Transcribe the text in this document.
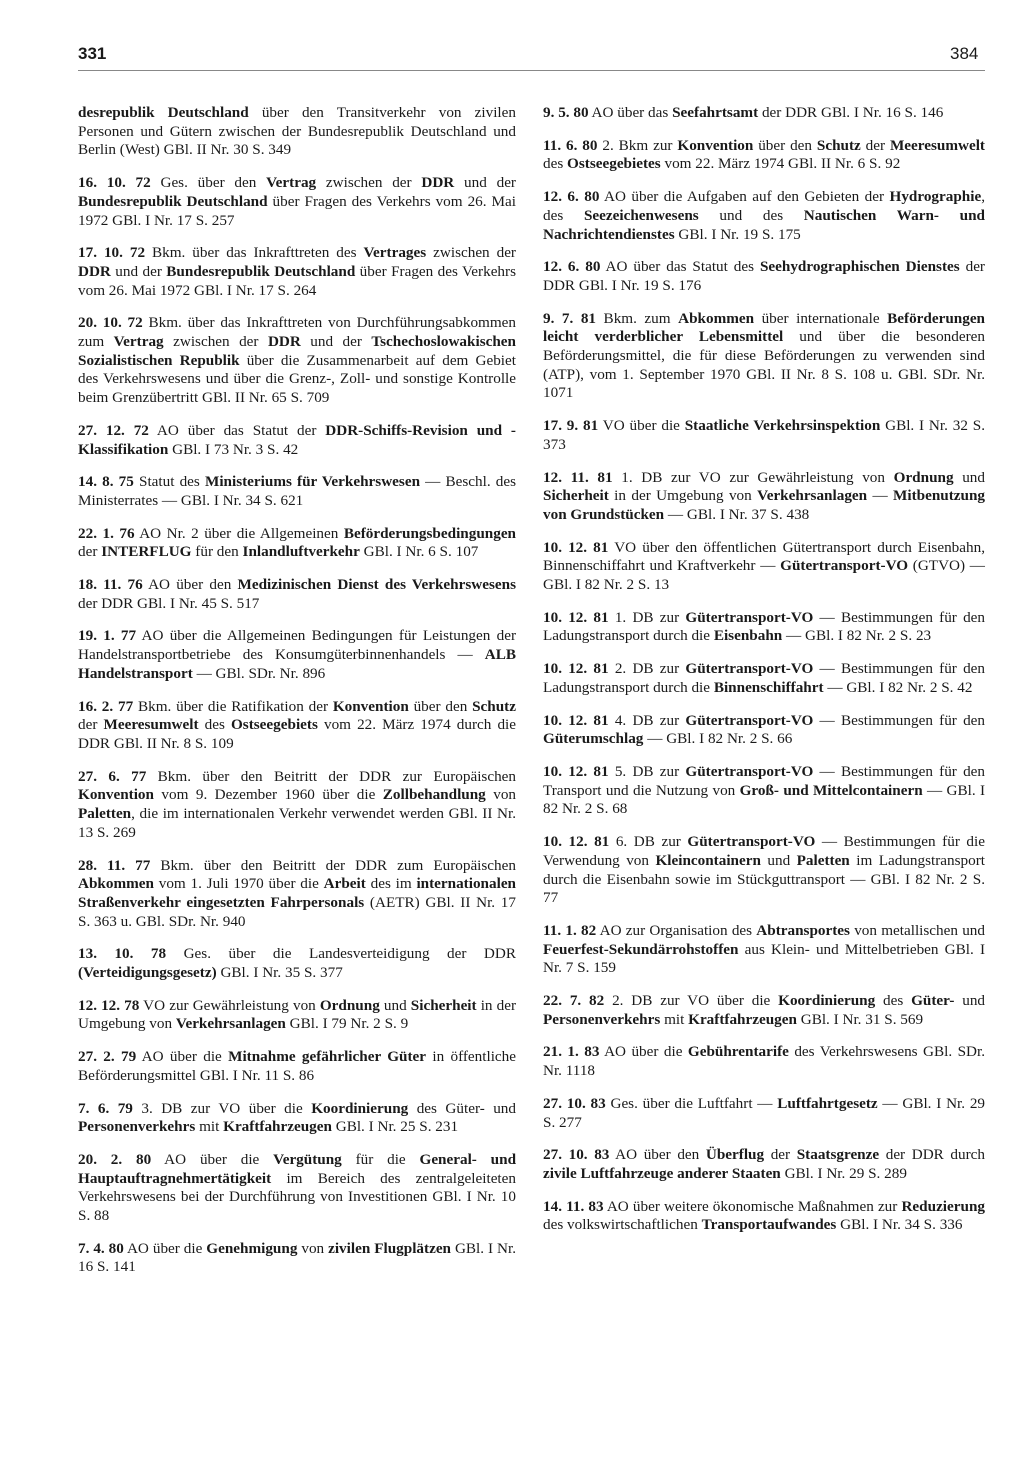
331	384

desrepublik Deutschland über den Transitverkehr von zivilen Personen und Gütern zwischen der Bundesrepublik Deutschland und Berlin (West) GBl. II Nr. 30 S. 349

16. 10. 72 Ges. über den Vertrag zwischen der DDR und der Bundesrepublik Deutschland über Fragen des Verkehrs vom 26. Mai 1972 GBl. I Nr. 17 S. 257

17. 10. 72 Bkm. über das Inkrafttreten des Vertrages zwischen der DDR und der Bundesrepublik Deutschland über Fragen des Verkehrs vom 26. Mai 1972 GBl. I Nr. 17 S. 264

20. 10. 72 Bkm. über das Inkrafttreten von Durchführungsabkommen zum Vertrag zwischen der DDR und der Tschechoslowakischen Sozialistischen Republik über die Zusammenarbeit auf dem Gebiet des Verkehrswesens und über die Grenz-, Zoll- und sonstige Kontrolle beim Grenzübertritt GBl. II Nr. 65 S. 709

27. 12. 72 AO über das Statut der DDR-Schiffs-Revision und -Klassifikation GBl. I 73 Nr. 3 S. 42

14. 8. 75 Statut des Ministeriums für Verkehrswesen — Beschl. des Ministerrates — GBl. I Nr. 34 S. 621

22. 1. 76 AO Nr. 2 über die Allgemeinen Beförderungsbedingungen der INTERFLUG für den Inlandluftverkehr GBl. I Nr. 6 S. 107

18. 11. 76 AO über den Medizinischen Dienst des Verkehrswesens der DDR GBl. I Nr. 45 S. 517

19. 1. 77 AO über die Allgemeinen Bedingungen für Leistungen der Handelstransportbetriebe des Konsumgüterbinnenhandels — ALB Handelstransport — GBl. SDr. Nr. 896

16. 2. 77 Bkm. über die Ratifikation der Konvention über den Schutz der Meeresumwelt des Ostseegebiets vom 22. März 1974 durch die DDR GBl. II Nr. 8 S. 109

27. 6. 77 Bkm. über den Beitritt der DDR zur Europäischen Konvention vom 9. Dezember 1960 über die Zollbehandlung von Paletten, die im internationalen Verkehr verwendet werden GBl. II Nr. 13 S. 269

28. 11. 77 Bkm. über den Beitritt der DDR zum Europäischen Abkommen vom 1. Juli 1970 über die Arbeit des im internationalen Straßenverkehr eingesetzten Fahrpersonals (AETR) GBl. II Nr. 17 S. 363 u. GBl. SDr. Nr. 940

13. 10. 78 Ges. über die Landesverteidigung der DDR (Verteidigungsgesetz) GBl. I Nr. 35 S. 377

12. 12. 78 VO zur Gewährleistung von Ordnung und Sicherheit in der Umgebung von Verkehrsanlagen GBl. I 79 Nr. 2 S. 9

27. 2. 79 AO über die Mitnahme gefährlicher Güter in öffentliche Beförderungsmittel GBl. I Nr. 11 S. 86

7. 6. 79 3. DB zur VO über die Koordinierung des Güter- und Personenverkehrs mit Kraftfahrzeugen GBl. I Nr. 25 S. 231

20. 2. 80 AO über die Vergütung für die General- und Hauptauftragnehmertätigkeit im Bereich des zentralgeleiteten Verkehrswesens bei der Durchführung von Investitionen GBl. I Nr. 10 S. 88

7. 4. 80 AO über die Genehmigung von zivilen Flugplätzen GBl. I Nr. 16 S. 141

9. 5. 80 AO über das Seefahrtsamt der DDR GBl. I Nr. 16 S. 146

11. 6. 80 2. Bkm zur Konvention über den Schutz der Meeresumwelt des Ostseegebietes vom 22. März 1974 GBl. II Nr. 6 S. 92

12. 6. 80 AO über die Aufgaben auf den Gebieten der Hydrographie, des Seezeichenwesens und des Nautischen Warn- und Nachrichtendienstes GBl. I Nr. 19 S. 175

12. 6. 80 AO über das Statut des Seehydrographischen Dienstes der DDR GBl. I Nr. 19 S. 176

9. 7. 81 Bkm. zum Abkommen über internationale Beförderungen leicht verderblicher Lebensmittel und über die besonderen Beförderungsmittel, die für diese Beförderungen zu verwenden sind (ATP), vom 1. September 1970 GBl. II Nr. 8 S. 108 u. GBl. SDr. Nr. 1071

17. 9. 81 VO über die Staatliche Verkehrsinspektion GBl. I Nr. 32 S. 373

12. 11. 81 1. DB zur VO zur Gewährleistung von Ordnung und Sicherheit in der Umgebung von Verkehrsanlagen — Mitbenutzung von Grundstücken — GBl. I Nr. 37 S. 438

10. 12. 81 VO über den öffentlichen Gütertransport durch Eisenbahn, Binnenschiffahrt und Kraftverkehr — Gütertransport-VO (GTVO) — GBl. I 82 Nr. 2 S. 13

10. 12. 81 1. DB zur Gütertransport-VO — Bestimmungen für den Ladungstransport durch die Eisenbahn — GBl. I 82 Nr. 2 S. 23

10. 12. 81 2. DB zur Gütertransport-VO — Bestimmungen für den Ladungstransport durch die Binnenschiffahrt — GBl. I 82 Nr. 2 S. 42

10. 12. 81 4. DB zur Gütertransport-VO — Bestimmungen für den Güterumschlag — GBl. I 82 Nr. 2 S. 66

10. 12. 81 5. DB zur Gütertransport-VO — Bestimmungen für den Transport und die Nutzung von Groß- und Mittelcontainern — GBl. I 82 Nr. 2 S. 68

10. 12. 81 6. DB zur Gütertransport-VO — Bestimmungen für die Verwendung von Kleincontainern und Paletten im Ladungstransport durch die Eisenbahn sowie im Stückguttransport — GBl. I 82 Nr. 2 S. 77

11. 1. 82 AO zur Organisation des Abtransportes von metallischen und Feuerfest-Sekundärrohstoffen aus Klein- und Mittelbetrieben GBl. I Nr. 7 S. 159

22. 7. 82 2. DB zur VO über die Koordinierung des Güter- und Personenverkehrs mit Kraftfahrzeugen GBl. I Nr. 31 S. 569

21. 1. 83 AO über die Gebührentarife des Verkehrswesens GBl. SDr. Nr. 1118

27. 10. 83 Ges. über die Luftfahrt — Luftfahrtgesetz — GBl. I Nr. 29 S. 277

27. 10. 83 AO über den Überflug der Staatsgrenze der DDR durch zivile Luftfahrzeuge anderer Staaten GBl. I Nr. 29 S. 289

14. 11. 83 AO über weitere ökonomische Maßnahmen zur Reduzierung des volkswirtschaftlichen Transportaufwandes GBl. I Nr. 34 S. 336
